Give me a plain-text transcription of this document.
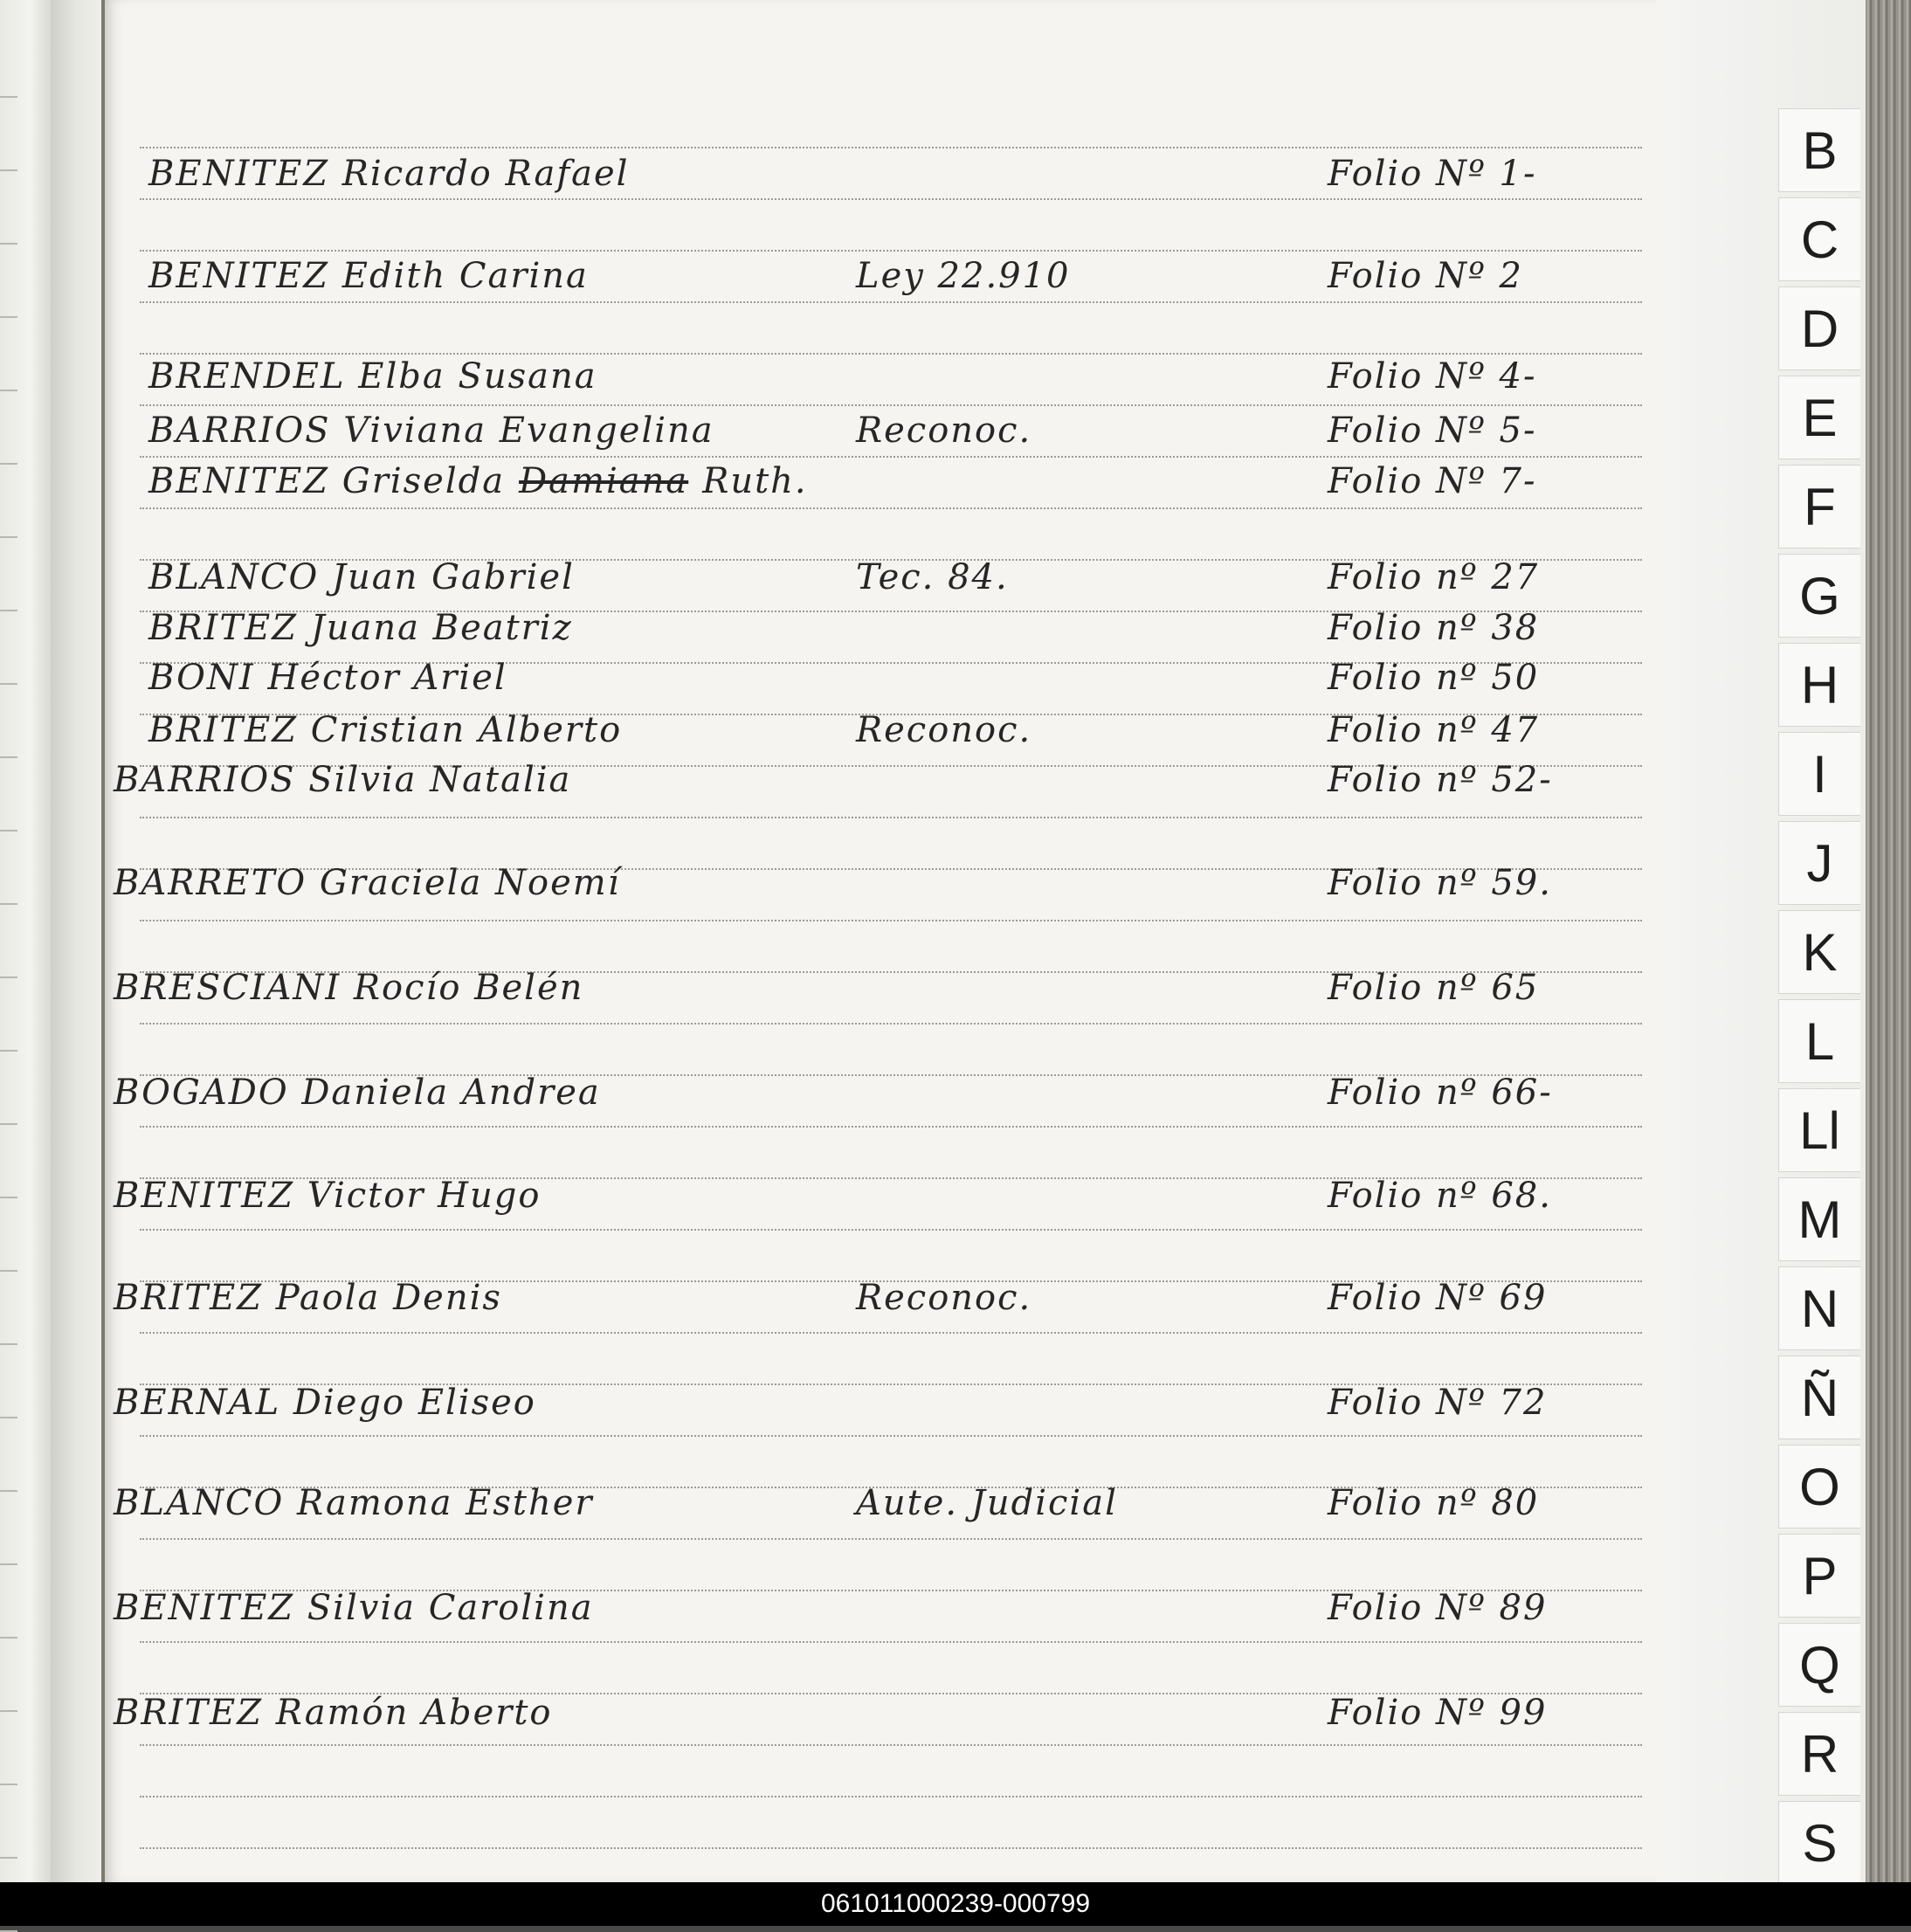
BENITEZ Ricardo Rafael	Folio Nº 1-
BENITEZ Edith Carina	Ley 22.910	Folio Nº 2
BRENDEL Elba Susana	Folio Nº 4-
BARRIOS Viviana Evangelina	Reconoc.	Folio Nº 5-
BENITEZ Griselda Damiana Ruth.	Folio Nº 7-
BLANCO Juan Gabriel	Tec. 84.	Folio nº 27
BRITEZ Juana Beatriz	Folio nº 38
BONI Héctor Ariel	Folio nº 50
BRITEZ Cristian Alberto	Reconoc.	Folio nº 47
BARRIOS Silvia Natalia	Folio nº 52-
BARRETO Graciela Noemí	Folio nº 59.
BRESCIANI Rocío Belén	Folio nº 65
BOGADO Daniela Andrea	Folio nº 66-
BENITEZ Victor Hugo	Folio nº 68.
BRITEZ Paola Denis	Reconoc.	Folio Nº 69
BERNAL Diego Eliseo	Folio Nº 72
BLANCO Ramona Esther	Aute. Judicial	Folio nº 80
BENITEZ Silvia Carolina	Folio Nº 89
BRITEZ Ramón Aberto	Folio Nº 99
B
C
D
E
F
G
H
I
J
K
L
Ll
M
N
Ñ
O
P
Q
R
S
061011000239-000799
